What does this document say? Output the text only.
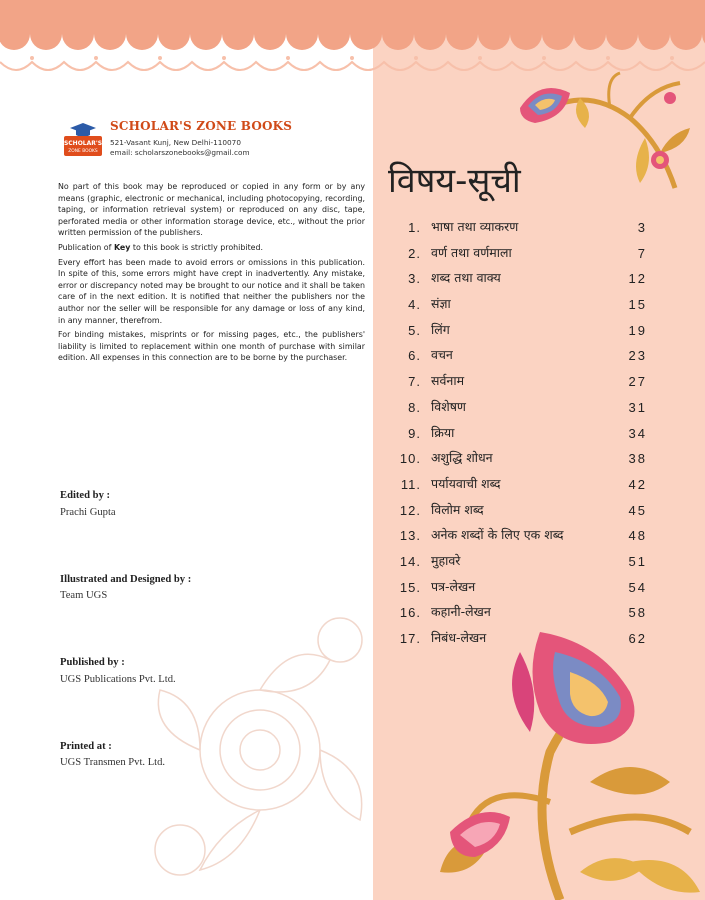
SCHOLAR'S
ZONE BOOKS
SCHOLAR'S ZONE BOOKS
521-Vasant Kunj, New Delhi-110070
email: scholarszonebooks@gmail.com

No part of this book may be reproduced or copied in any form or by any means (graphic, electronic or mechanical, including photocopying, recording, taping, or information retrieval system) or reproduced on any disc, tape, perforated media or other information storage device, etc., without the prior written permission of the publishers.

Publication of Key to this book is strictly prohibited.

Every effort has been made to avoid errors or omissions in this publication. In spite of this, some errors might have crept in inadvertently. Any mistake, error or discrepancy noted may be brought to our notice and it shall be taken care of in the next edition. It is notified that neither the publishers nor the author nor the seller will be responsible for any damage or loss of any kind, in any manner, therefrom.

For binding mistakes, misprints or for missing pages, etc., the publishers' liability is limited to replacement within one month of purchase with similar edition. All expenses in this connection are to be borne by the purchaser.

Edited by :
Prachi Gupta
Illustrated and Designed by :
Team UGS
Published by :
UGS Publications Pvt. Ltd.
Printed at :
UGS Transmen Pvt. Ltd.
विषय-सूची
1. भाषा तथा व्याकरण	3
2. वर्ण तथा वर्णमाला	7
3. शब्द तथा वाक्य	12
4. संज्ञा	15
5. लिंग	19
6. वचन	23
7. सर्वनाम	27
8. विशेषण	31
9. क्रिया	34
10. अशुद्धि शोधन	38
11. पर्यायवाची शब्द	42
12. विलोम शब्द	45
13. अनेक शब्दों के लिए एक शब्द	48
14. मुहावरे	51
15. पत्र-लेखन	54
16. कहानी-लेखन	58
17. निबंध-लेखन	62
